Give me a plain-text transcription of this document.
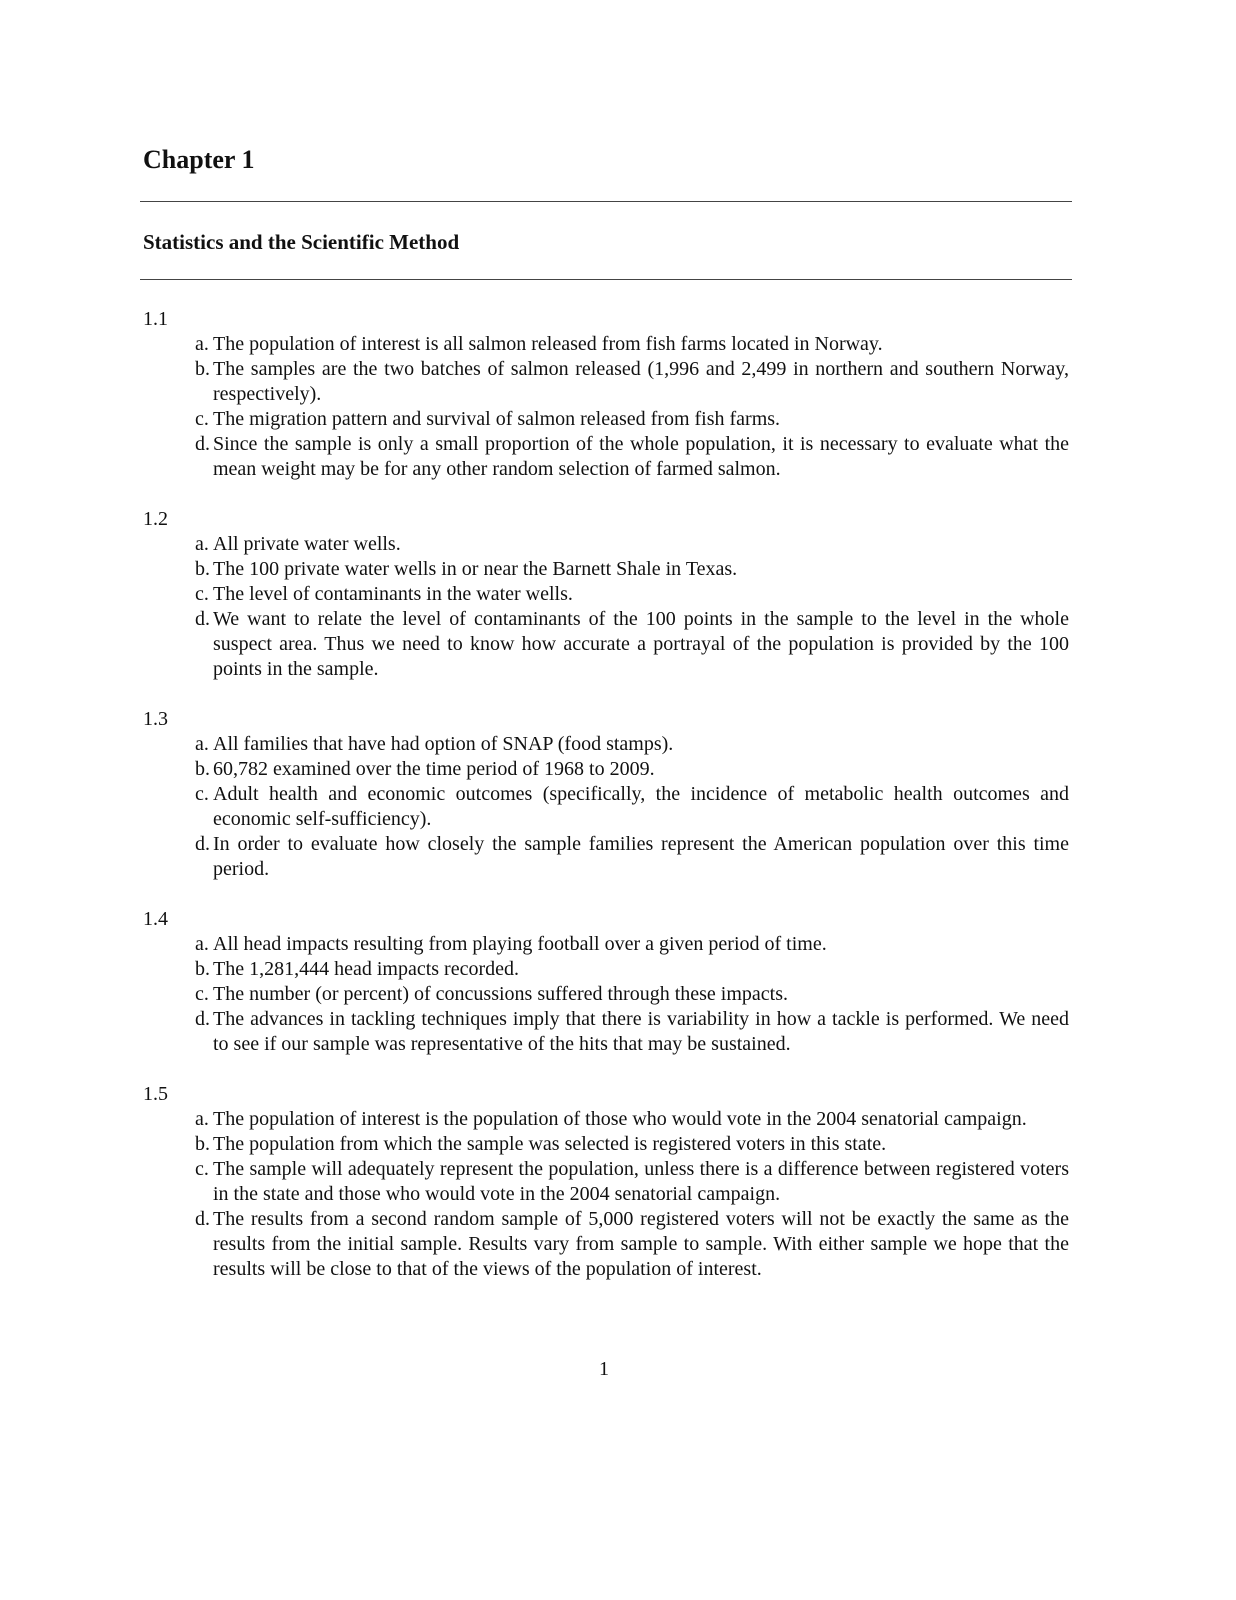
Chapter 1
Statistics and the Scientific Method
1.1
a. The population of interest is all salmon released from fish farms located in Norway.
b. The samples are the two batches of salmon released (1,996 and 2,499 in northern and southern Norway, respectively).
c. The migration pattern and survival of salmon released from fish farms.
d. Since the sample is only a small proportion of the whole population, it is necessary to evaluate what the mean weight may be for any other random selection of farmed salmon.
1.2
a. All private water wells.
b. The 100 private water wells in or near the Barnett Shale in Texas.
c. The level of contaminants in the water wells.
d. We want to relate the level of contaminants of the 100 points in the sample to the level in the whole suspect area. Thus we need to know how accurate a portrayal of the population is provided by the 100 points in the sample.
1.3
a. All families that have had option of SNAP (food stamps).
b. 60,782 examined over the time period of 1968 to 2009.
c. Adult health and economic outcomes (specifically, the incidence of metabolic health outcomes and economic self-sufficiency).
d. In order to evaluate how closely the sample families represent the American population over this time period.
1.4
a. All head impacts resulting from playing football over a given period of time.
b. The 1,281,444 head impacts recorded.
c. The number (or percent) of concussions suffered through these impacts.
d. The advances in tackling techniques imply that there is variability in how a tackle is performed. We need to see if our sample was representative of the hits that may be sustained.
1.5
a. The population of interest is the population of those who would vote in the 2004 senatorial campaign.
b. The population from which the sample was selected is registered voters in this state.
c. The sample will adequately represent the population, unless there is a difference between registered voters in the state and those who would vote in the 2004 senatorial campaign.
d. The results from a second random sample of 5,000 registered voters will not be exactly the same as the results from the initial sample. Results vary from sample to sample. With either sample we hope that the results will be close to that of the views of the population of interest.
1
